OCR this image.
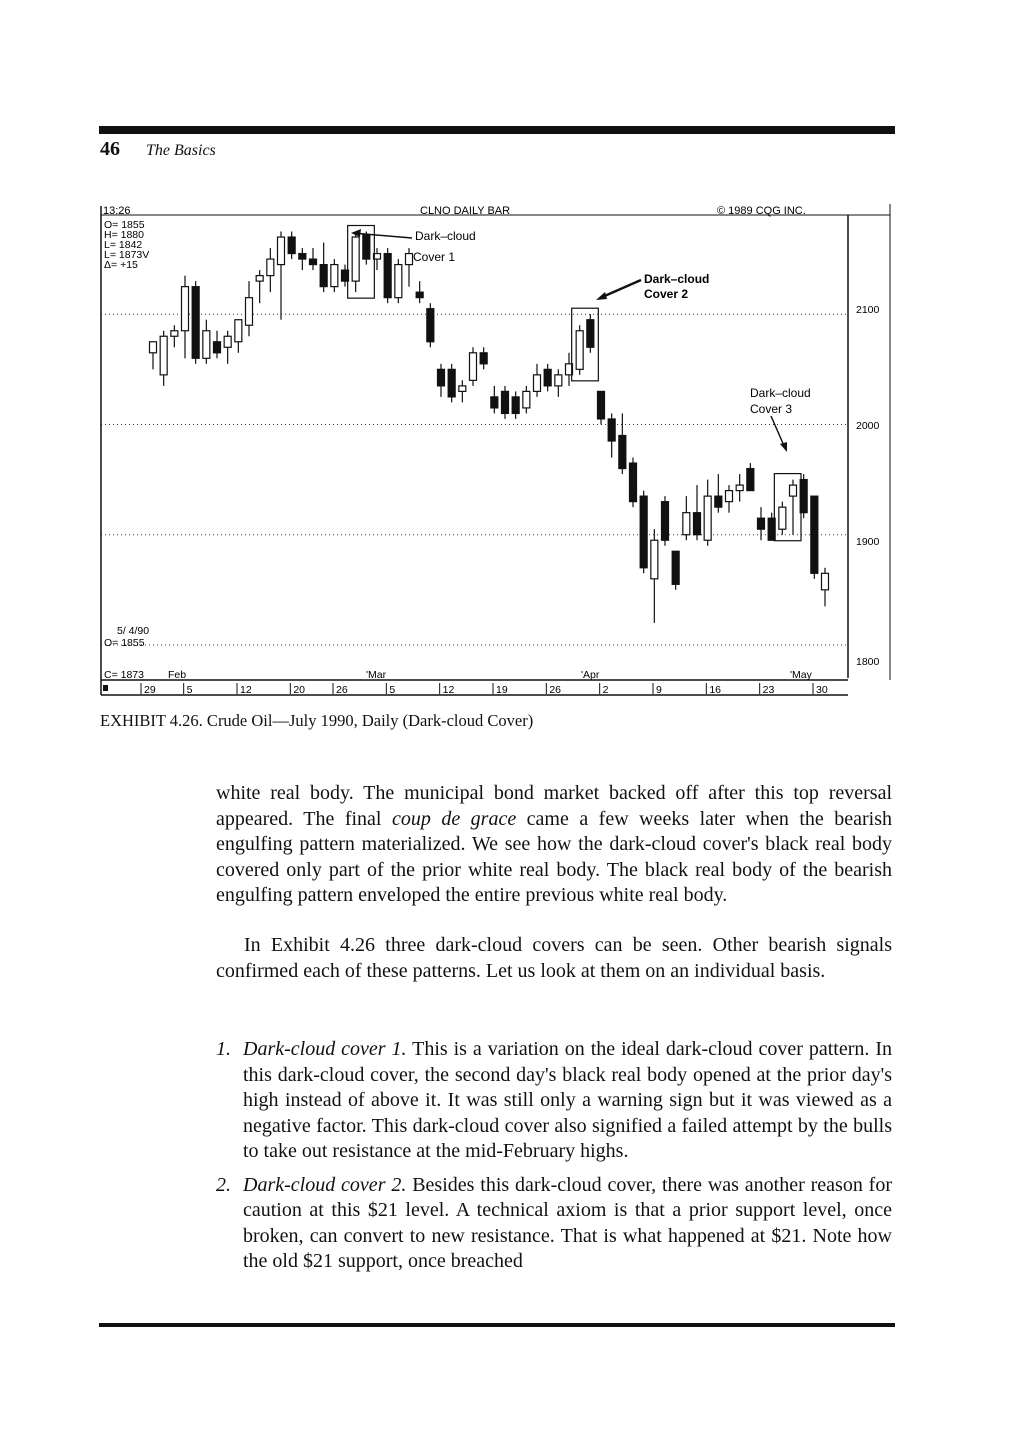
46 The Basics
13:26	CLNO DAILY BAR	© 1989 CQG INC.
O= 1855
H= 1880
L= 1842
L= 1873V
Δ= +15
5/ 4/90
O= 1855
C= 1873
2100
2000
1900
1800
Feb	'Mar	'Apr	'May
Dark–cloud
Cover 1
Dark–cloud
Cover 2
Dark–cloud
Cover 3
29	5	12	20	26	5	12	19	26	2	9	16	23	30
EXHIBIT 4.26. Crude Oil—July 1990, Daily (Dark-cloud Cover)

white real body. The municipal bond market backed off after this top reversal appeared. The final coup de grace came a few weeks later when the bearish engulfing pattern materialized. We see how the dark-cloud cover's black real body covered only part of the prior white real body. The black real body of the bearish engulfing pattern enveloped the entire previous white real body.

In Exhibit 4.26 three dark-cloud covers can be seen. Other bearish signals confirmed each of these patterns. Let us look at them on an individual basis.

1. Dark-cloud cover 1. This is a variation on the ideal dark-cloud cover pattern. In this dark-cloud cover, the second day's black real body opened at the prior day's high instead of above it. It was still only a warning sign but it was viewed as a negative factor. This dark-cloud cover also signified a failed attempt by the bulls to take out resistance at the mid-February highs.
2. Dark-cloud cover 2. Besides this dark-cloud cover, there was another reason for caution at this $21 level. A technical axiom is that a prior support level, once broken, can convert to new resistance. That is what happened at $21. Note how the old $21 support, once breached
